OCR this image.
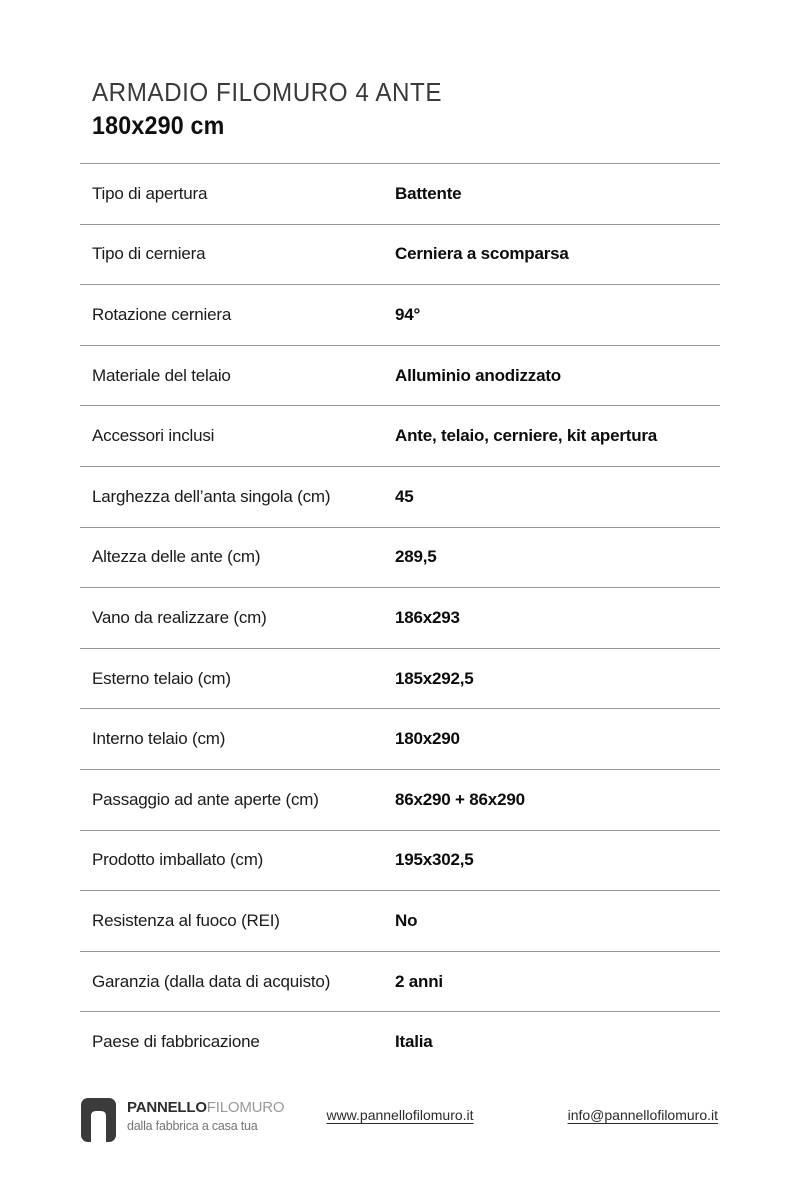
ARMADIO FILOMURO 4 ANTE
180x290 cm
Tipo di apertura	Battente
Tipo di cerniera	Cerniera a scomparsa
Rotazione cerniera	94°
Materiale del telaio	Alluminio anodizzato
Accessori inclusi	Ante, telaio, cerniere, kit apertura
Larghezza dell’anta singola (cm)	45
Altezza delle ante (cm)	289,5
Vano da realizzare (cm)	186x293
Esterno telaio (cm)	185x292,5
Interno telaio (cm)	180x290
Passaggio ad ante aperte (cm)	86x290 + 86x290
Prodotto imballato (cm)	195x302,5
Resistenza al fuoco (REI)	No
Garanzia (dalla data di acquisto)	2 anni
Paese di fabbricazione	Italia
PANNELLOFILOMURO
dalla fabbrica a casa tua
www.pannellofilomuro.it	info@pannellofilomuro.it
